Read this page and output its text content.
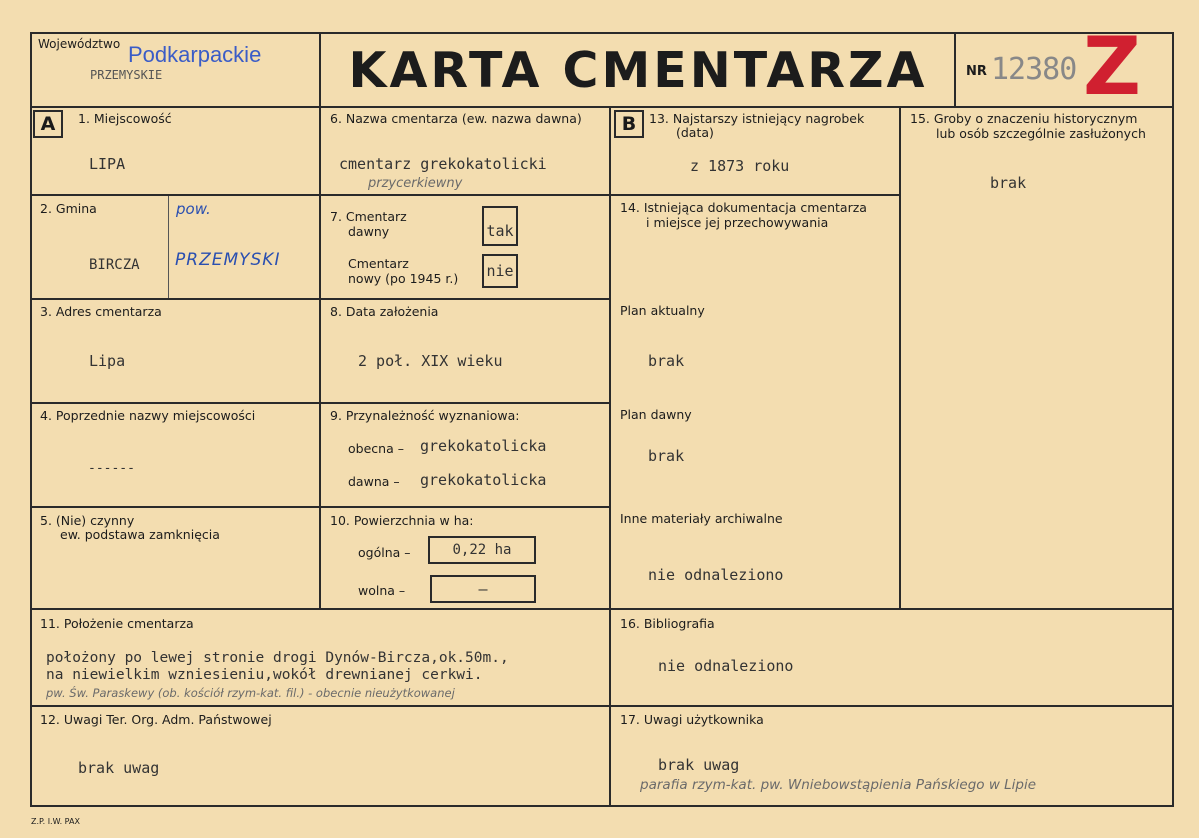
Województwo Podkarpackie
PRZEMYSKIE	KARTA CMENTARZA	NR 12380 Z
A	B
1. Miejscowość
LIPA
2. Gmina	pow.
BIRCZA PRZEMYSKI
3. Adres cmentarza
Lipa
4. Poprzednie nazwy miejscowości
------
5. (Nie) czynny
ew. podstawa zamknięcia
6. Nazwa cmentarza (ew. nazwa dawna)
cmentarz grekokatolicki
przycerkiewny
7. Cmentarz
dawny	tak
Cmentarz
nowy (po 1945 r.) nie
8. Data założenia
2 poł. XIX wieku
9. Przynależność wyznaniowa:
obecna – grekokatolicka
dawna – grekokatolicka
10. Powierzchnia w ha:
ogólna –	0,22 ha
wolna –	–
13. Najstarszy istniejący nagrobek
(data)
z 1873 roku
14. Istniejąca dokumentacja cmentarza
i miejsce jej przechowywania
Plan aktualny
brak
Plan dawny
brak
Inne materiały archiwalne
nie odnaleziono
15. Groby o znaczeniu historycznym
lub osób szczególnie zasłużonych
brak
11. Położenie cmentarza
położony po lewej stronie drogi Dynów-Bircza,ok.50m.,
na niewielkim wzniesieniu,wokół drewnianej cerkwi.
pw. Św. Paraskewy (ob. kościół rzym-kat. fil.) - obecnie nieużytkowanej
16. Bibliografia
nie odnaleziono
12. Uwagi Ter. Org. Adm. Państwowej
brak uwag
17. Uwagi użytkownika
brak uwag
parafia rzym-kat. pw. Wniebowstąpienia Pańskiego w Lipie
Z.P. I.W. PAX
